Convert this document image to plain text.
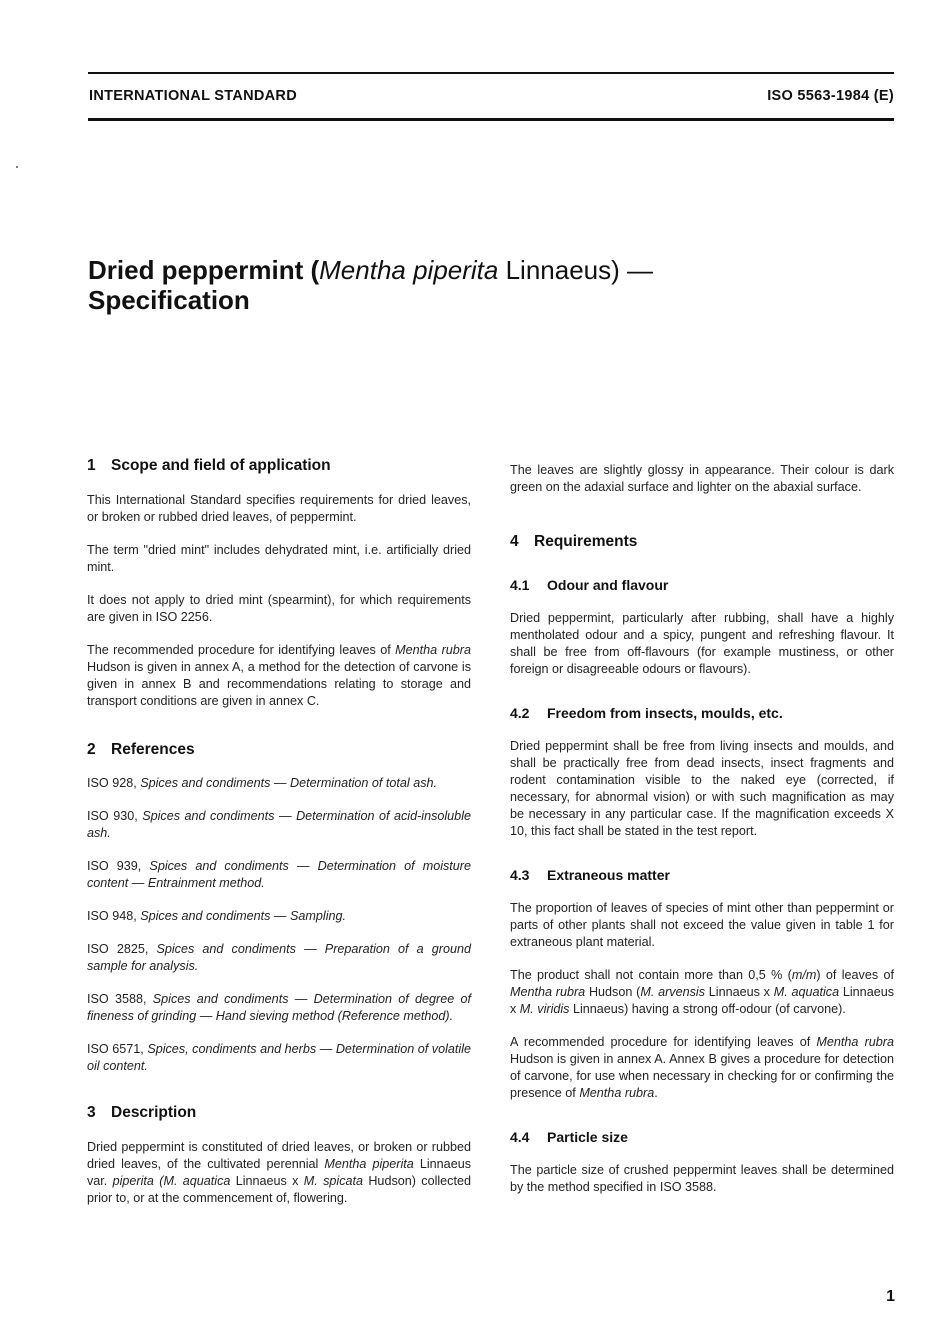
INTERNATIONAL STANDARD	ISO 5563-1984 (E)
Dried peppermint (Mentha piperita Linnaeus) —
Specification
1 Scope and field of application

This International Standard specifies requirements for dried leaves, or broken or rubbed dried leaves, of peppermint.

The term "dried mint" includes dehydrated mint, i.e. artificially dried mint.

It does not apply to dried mint (spearmint), for which requirements are given in ISO 2256.

The recommended procedure for identifying leaves of Mentha rubra Hudson is given in annex A, a method for the detection of carvone is given in annex B and recommendations relating to storage and transport conditions are given in annex C.

2 References

ISO 928, Spices and condiments — Determination of total ash.

ISO 930, Spices and condiments — Determination of acid-insoluble ash.

ISO 939, Spices and condiments — Determination of moisture content — Entrainment method.

ISO 948, Spices and condiments — Sampling.

ISO 2825, Spices and condiments — Preparation of a ground sample for analysis.

ISO 3588, Spices and condiments — Determination of degree of fineness of grinding — Hand sieving method (Reference method).

ISO 6571, Spices, condiments and herbs — Determination of volatile oil content.

3 Description

Dried peppermint is constituted of dried leaves, or broken or rubbed dried leaves, of the cultivated perennial Mentha piperita Linnaeus var. piperita (M. aquatica Linnaeus x M. spicata Hudson) collected prior to, or at the commencement of, flowering.

The leaves are slightly glossy in appearance. Their colour is dark green on the adaxial surface and lighter on the abaxial surface.

4 Requirements
4.1 Odour and flavour

Dried peppermint, particularly after rubbing, shall have a highly mentholated odour and a spicy, pungent and refreshing flavour. It shall be free from off-flavours (for example mustiness, or other foreign or disagreeable odours or flavours).

4.2 Freedom from insects, moulds, etc.

Dried peppermint shall be free from living insects and moulds, and shall be practically free from dead insects, insect fragments and rodent contamination visible to the naked eye (corrected, if necessary, for abnormal vision) or with such magnification as may be necessary in any particular case. If the magnification exceeds X 10, this fact shall be stated in the test report.

4.3 Extraneous matter

The proportion of leaves of species of mint other than peppermint or parts of other plants shall not exceed the value given in table 1 for extraneous plant material.

The product shall not contain more than 0,5 % (m/m) of leaves of Mentha rubra Hudson (M. arvensis Linnaeus x M. aquatica Linnaeus x M. viridis Linnaeus) having a strong off-odour (of carvone).

A recommended procedure for identifying leaves of Mentha rubra Hudson is given in annex A. Annex B gives a procedure for detection of carvone, for use when necessary in checking for or confirming the presence of Mentha rubra.

4.4 Particle size

The particle size of crushed peppermint leaves shall be determined by the method specified in ISO 3588.

1
